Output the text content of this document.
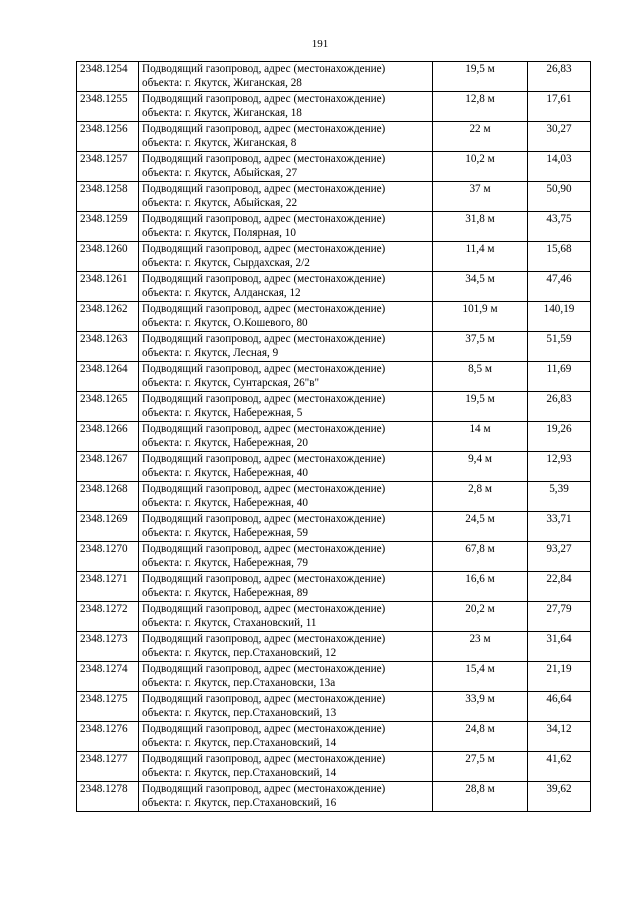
191
2348.1254	Подводящий газопровод, адрес (местонахождение)
объекта: г. Якутск, Жиганская, 28	19,5 м	26,83
2348.1255	Подводящий газопровод, адрес (местонахождение)
объекта: г. Якутск, Жиганская, 18	12,8 м	17,61
2348.1256	Подводящий газопровод, адрес (местонахождение)
объекта: г. Якутск, Жиганская, 8	22 м	30,27
2348.1257	Подводящий газопровод, адрес (местонахождение)
объекта: г. Якутск, Абыйская, 27	10,2 м	14,03
2348.1258	Подводящий газопровод, адрес (местонахождение)
объекта: г. Якутск, Абыйская, 22	37 м	50,90
2348.1259	Подводящий газопровод, адрес (местонахождение)
объекта: г. Якутск, Полярная, 10	31,8 м	43,75
2348.1260	Подводящий газопровод, адрес (местонахождение)
объекта: г. Якутск, Сырдахская, 2/2	11,4 м	15,68
2348.1261	Подводящий газопровод, адрес (местонахождение)
объекта: г. Якутск, Алданская, 12	34,5 м	47,46
2348.1262	Подводящий газопровод, адрес (местонахождение)
объекта: г. Якутск, О.Кошевого, 80	101,9 м	140,19
2348.1263	Подводящий газопровод, адрес (местонахождение)
объекта: г. Якутск, Лесная, 9	37,5 м	51,59
2348.1264	Подводящий газопровод, адрес (местонахождение)
объекта: г. Якутск, Сунтарская, 26"в"	8,5 м	11,69
2348.1265	Подводящий газопровод, адрес (местонахождение)
объекта: г. Якутск, Набережная, 5	19,5 м	26,83
2348.1266	Подводящий газопровод, адрес (местонахождение)
объекта: г. Якутск, Набережная, 20	14 м	19,26
2348.1267	Подводящий газопровод, адрес (местонахождение)
объекта: г. Якутск, Набережная, 40	9,4 м	12,93
2348.1268	Подводящий газопровод, адрес (местонахождение)
объекта: г. Якутск, Набережная, 40	2,8 м	5,39
2348.1269	Подводящий газопровод, адрес (местонахождение)
объекта: г. Якутск, Набережная, 59	24,5 м	33,71
2348.1270	Подводящий газопровод, адрес (местонахождение)
объекта: г. Якутск, Набережная, 79	67,8 м	93,27
2348.1271	Подводящий газопровод, адрес (местонахождение)
объекта: г. Якутск, Набережная, 89	16,6 м	22,84
2348.1272	Подводящий газопровод, адрес (местонахождение)
объекта: г. Якутск, Стахановский, 11	20,2 м	27,79
2348.1273	Подводящий газопровод, адрес (местонахождение)
объекта: г. Якутск, пер.Стахановский, 12	23 м	31,64
2348.1274	Подводящий газопровод, адрес (местонахождение)
объекта: г. Якутск, пер.Стахановски, 13а	15,4 м	21,19
2348.1275	Подводящий газопровод, адрес (местонахождение)
объекта: г. Якутск, пер.Стахановский, 13	33,9 м	46,64
2348.1276	Подводящий газопровод, адрес (местонахождение)
объекта: г. Якутск, пер.Стахановский, 14	24,8 м	34,12
2348.1277	Подводящий газопровод, адрес (местонахождение)
объекта: г. Якутск, пер.Стахановский, 14	27,5 м	41,62
2348.1278	Подводящий газопровод, адрес (местонахождение)
объекта: г. Якутск, пер.Стахановский, 16	28,8 м	39,62
